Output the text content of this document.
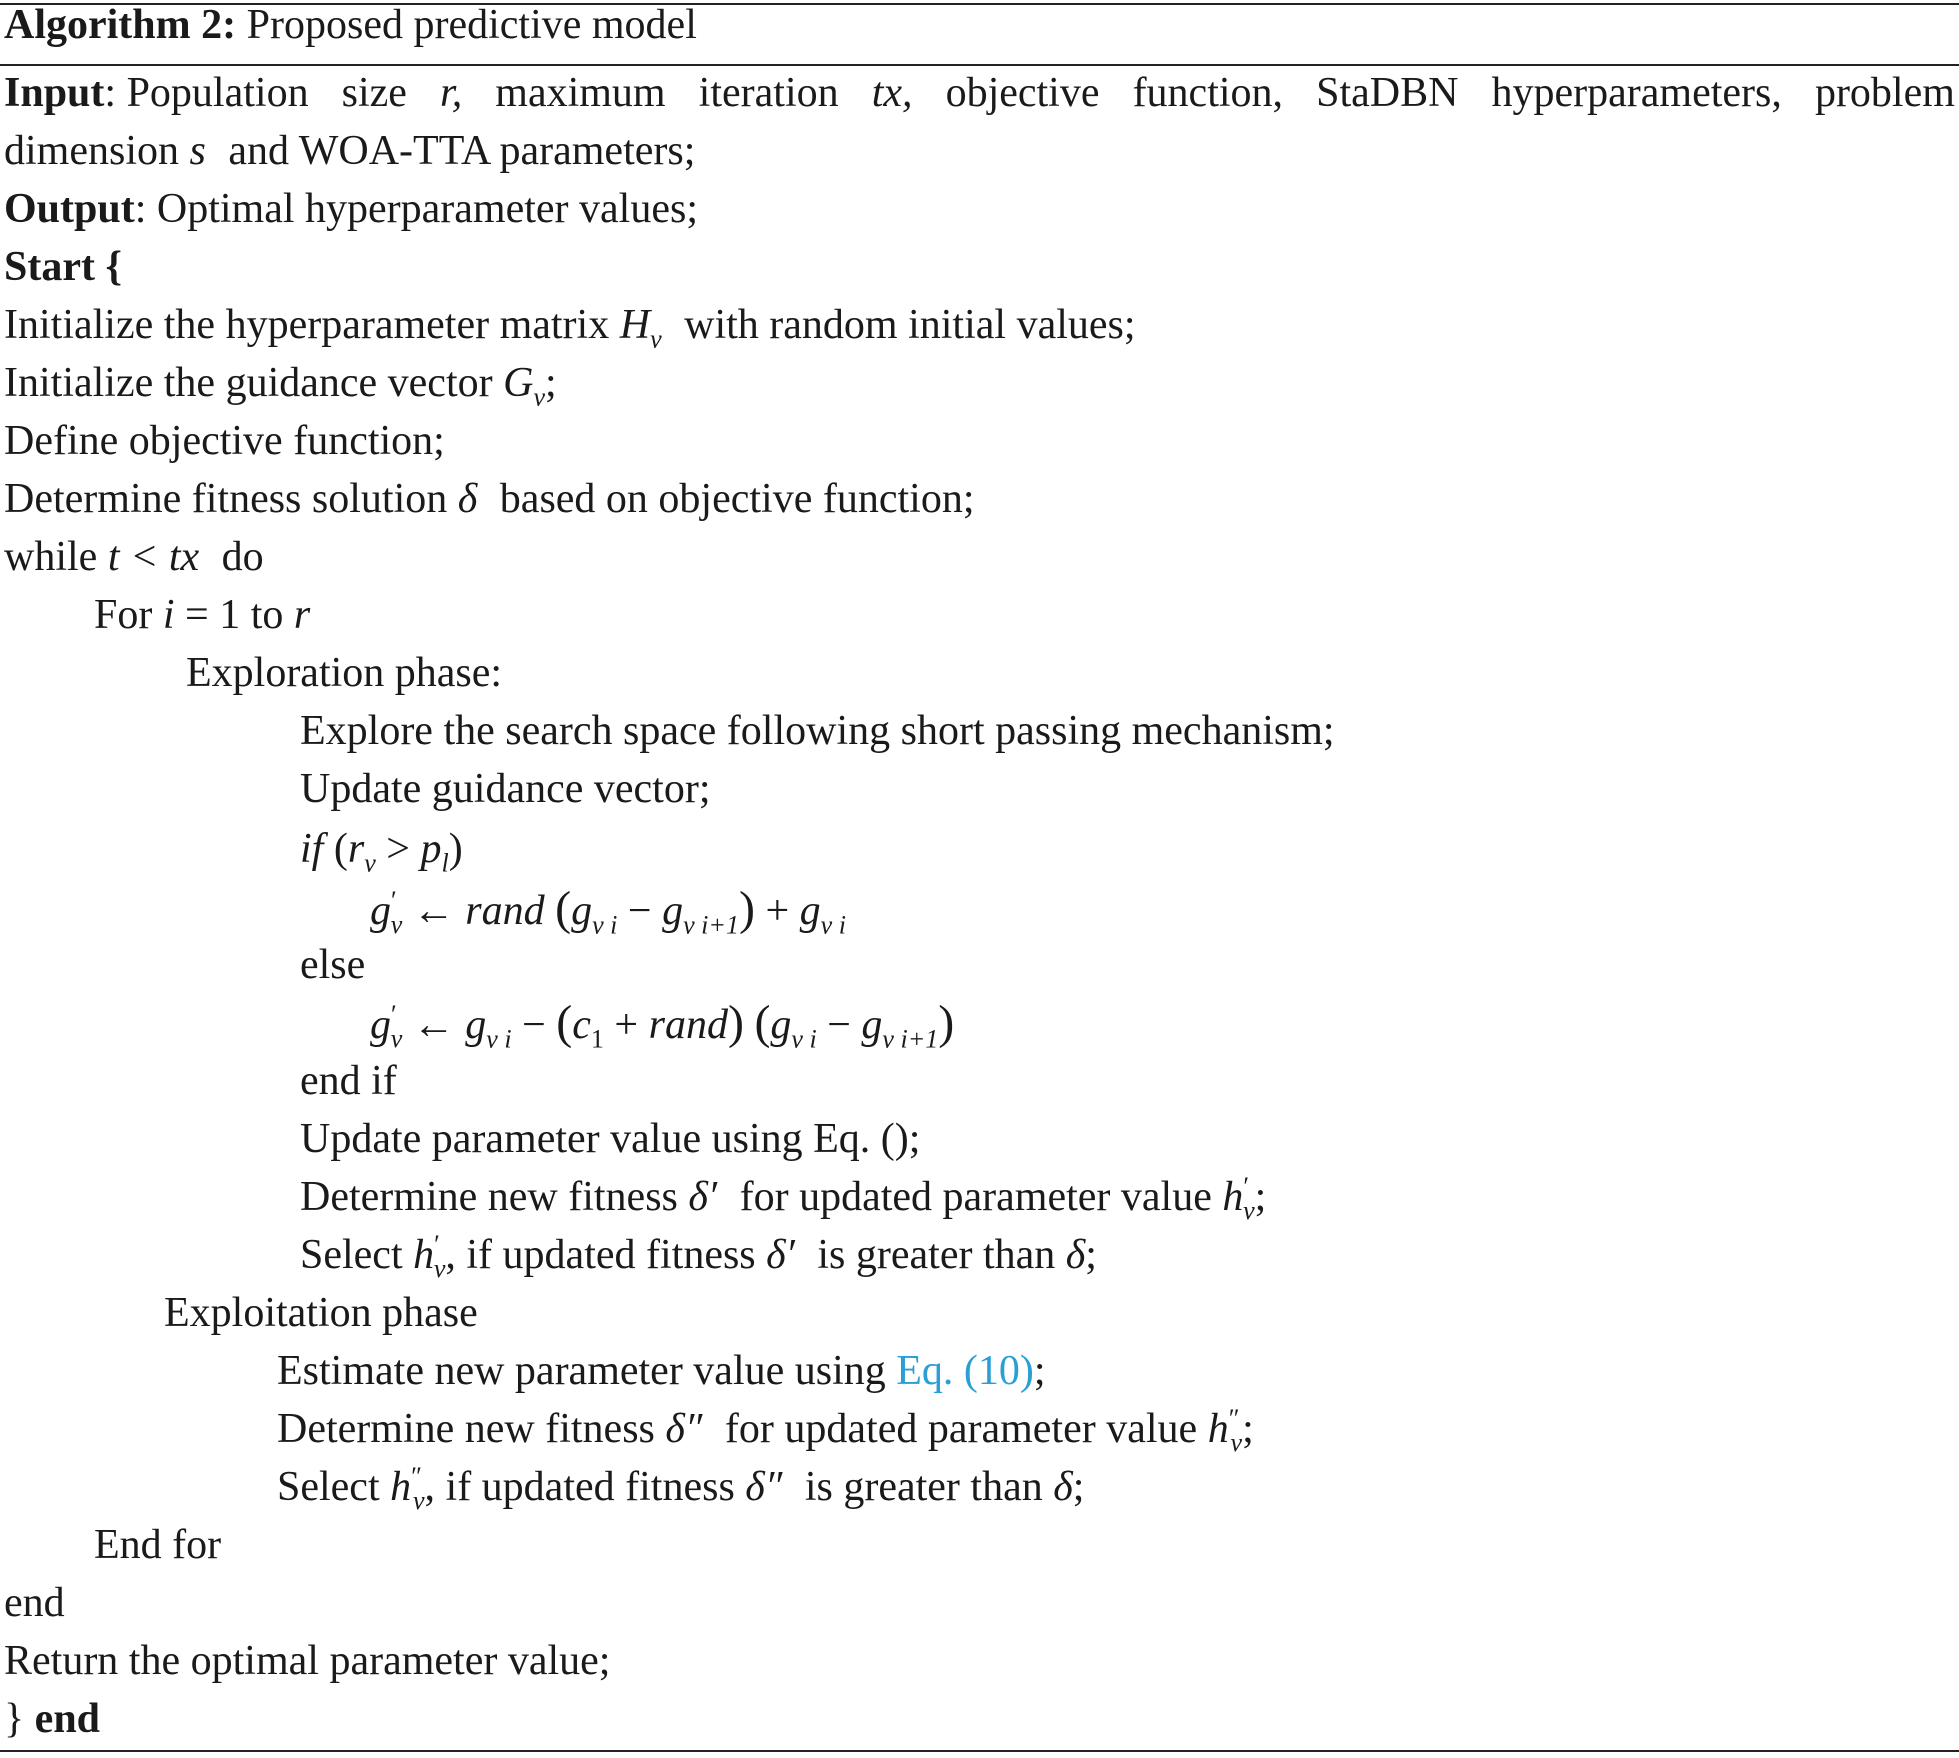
Algorithm 2: Proposed predictive model
Input: Population size r, maximum iteration tx, objective function, StaDBN hyperparameters, problem
dimension s and WOA-TTA parameters;
Output: Optimal hyperparameter values;
Start {
Initialize the hyperparameter matrix $H_v$ with random initial values;
Initialize the guidance vector $G_v$;
Define objective function;
Determine fitness solution δ based on objective function;
while t < tx do
For i = 1 to r
Exploration phase:
Explore the search space following short passing mechanism;
Update guidance vector;
if $(r_v > p_l)$
$g'_v$ ← rand $(g_{v i} - g_{v i+1}) + g_{v i}$
else
$g'_v$ ← $g_{v i} - (c_1$ + rand) $(g_{v i} - g_{v i+1})$
end if
Update parameter value using Eq. ();
Determine new fitness δ′ for updated parameter value $h'_v$;
Select $h'_v$, if updated fitness δ′ is greater than δ;
Exploitation phase
Estimate new parameter value using Eq. (10);
Determine new fitness δ″ for updated parameter value $h''_v$;
Select $h''_v$, if updated fitness δ″ is greater than δ;
End for
end
Return the optimal parameter value;
} end
